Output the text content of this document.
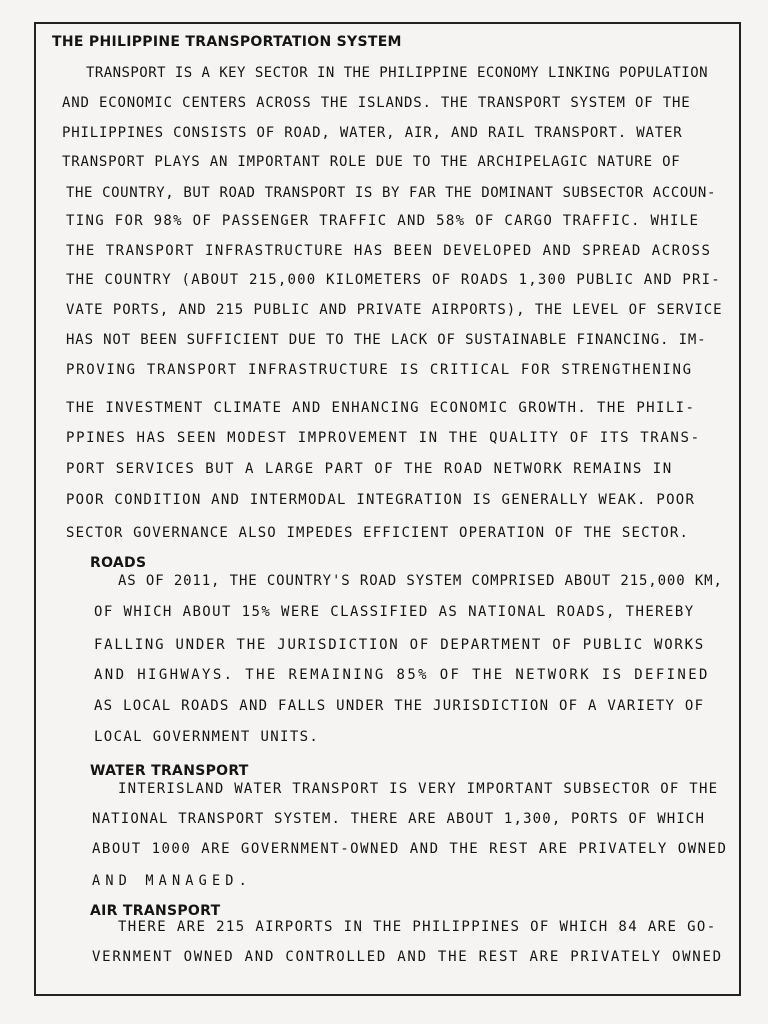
THE PHILIPPINE TRANSPORTATION SYSTEM
TRANSPORT IS A KEY SECTOR IN THE PHILIPPINE ECONOMY LINKING POPULATION
AND ECONOMIC CENTERS ACROSS THE ISLANDS. THE TRANSPORT SYSTEM OF THE
PHILIPPINES CONSISTS OF ROAD, WATER, AIR, AND RAIL TRANSPORT. WATER
TRANSPORT PLAYS AN IMPORTANT ROLE DUE TO THE ARCHIPELAGIC NATURE OF
THE COUNTRY, BUT ROAD TRANSPORT IS BY FAR THE DOMINANT SUBSECTOR ACCOUN-
TING FOR 98% OF PASSENGER TRAFFIC AND 58% OF CARGO TRAFFIC. WHILE
THE TRANSPORT INFRASTRUCTURE HAS BEEN DEVELOPED AND SPREAD ACROSS
THE COUNTRY (ABOUT 215,000 KILOMETERS OF ROADS 1,300 PUBLIC AND PRI-
VATE PORTS, AND 215 PUBLIC AND PRIVATE AIRPORTS), THE LEVEL OF SERVICE
HAS NOT BEEN SUFFICIENT DUE TO THE LACK OF SUSTAINABLE FINANCING. IM-
PROVING TRANSPORT INFRASTRUCTURE IS CRITICAL FOR STRENGTHENING
THE INVESTMENT CLIMATE AND ENHANCING ECONOMIC GROWTH. THE PHILI-
PPINES HAS SEEN MODEST IMPROVEMENT IN THE QUALITY OF ITS TRANS-
PORT SERVICES BUT A LARGE PART OF THE ROAD NETWORK REMAINS IN
POOR CONDITION AND INTERMODAL INTEGRATION IS GENERALLY WEAK. POOR
SECTOR GOVERNANCE ALSO IMPEDES EFFICIENT OPERATION OF THE SECTOR.
ROADS
AS OF 2011, THE COUNTRY'S ROAD SYSTEM COMPRISED ABOUT 215,000 KM,
OF WHICH ABOUT 15% WERE CLASSIFIED AS NATIONAL ROADS, THEREBY
FALLING UNDER THE JURISDICTION OF DEPARTMENT OF PUBLIC WORKS
AND HIGHWAYS. THE REMAINING 85% OF THE NETWORK IS DEFINED
AS LOCAL ROADS AND FALLS UNDER THE JURISDICTION OF A VARIETY OF
LOCAL GOVERNMENT UNITS.
WATER TRANSPORT
INTERISLAND WATER TRANSPORT IS VERY IMPORTANT SUBSECTOR OF THE
NATIONAL TRANSPORT SYSTEM. THERE ARE ABOUT 1,300, PORTS OF WHICH
ABOUT 1000 ARE GOVERNMENT-OWNED AND THE REST ARE PRIVATELY OWNED
AND MANAGED.
AIR TRANSPORT
THERE ARE 215 AIRPORTS IN THE PHILIPPINES OF WHICH 84 ARE GO-
VERNMENT OWNED AND CONTROLLED AND THE REST ARE PRIVATELY OWNED
